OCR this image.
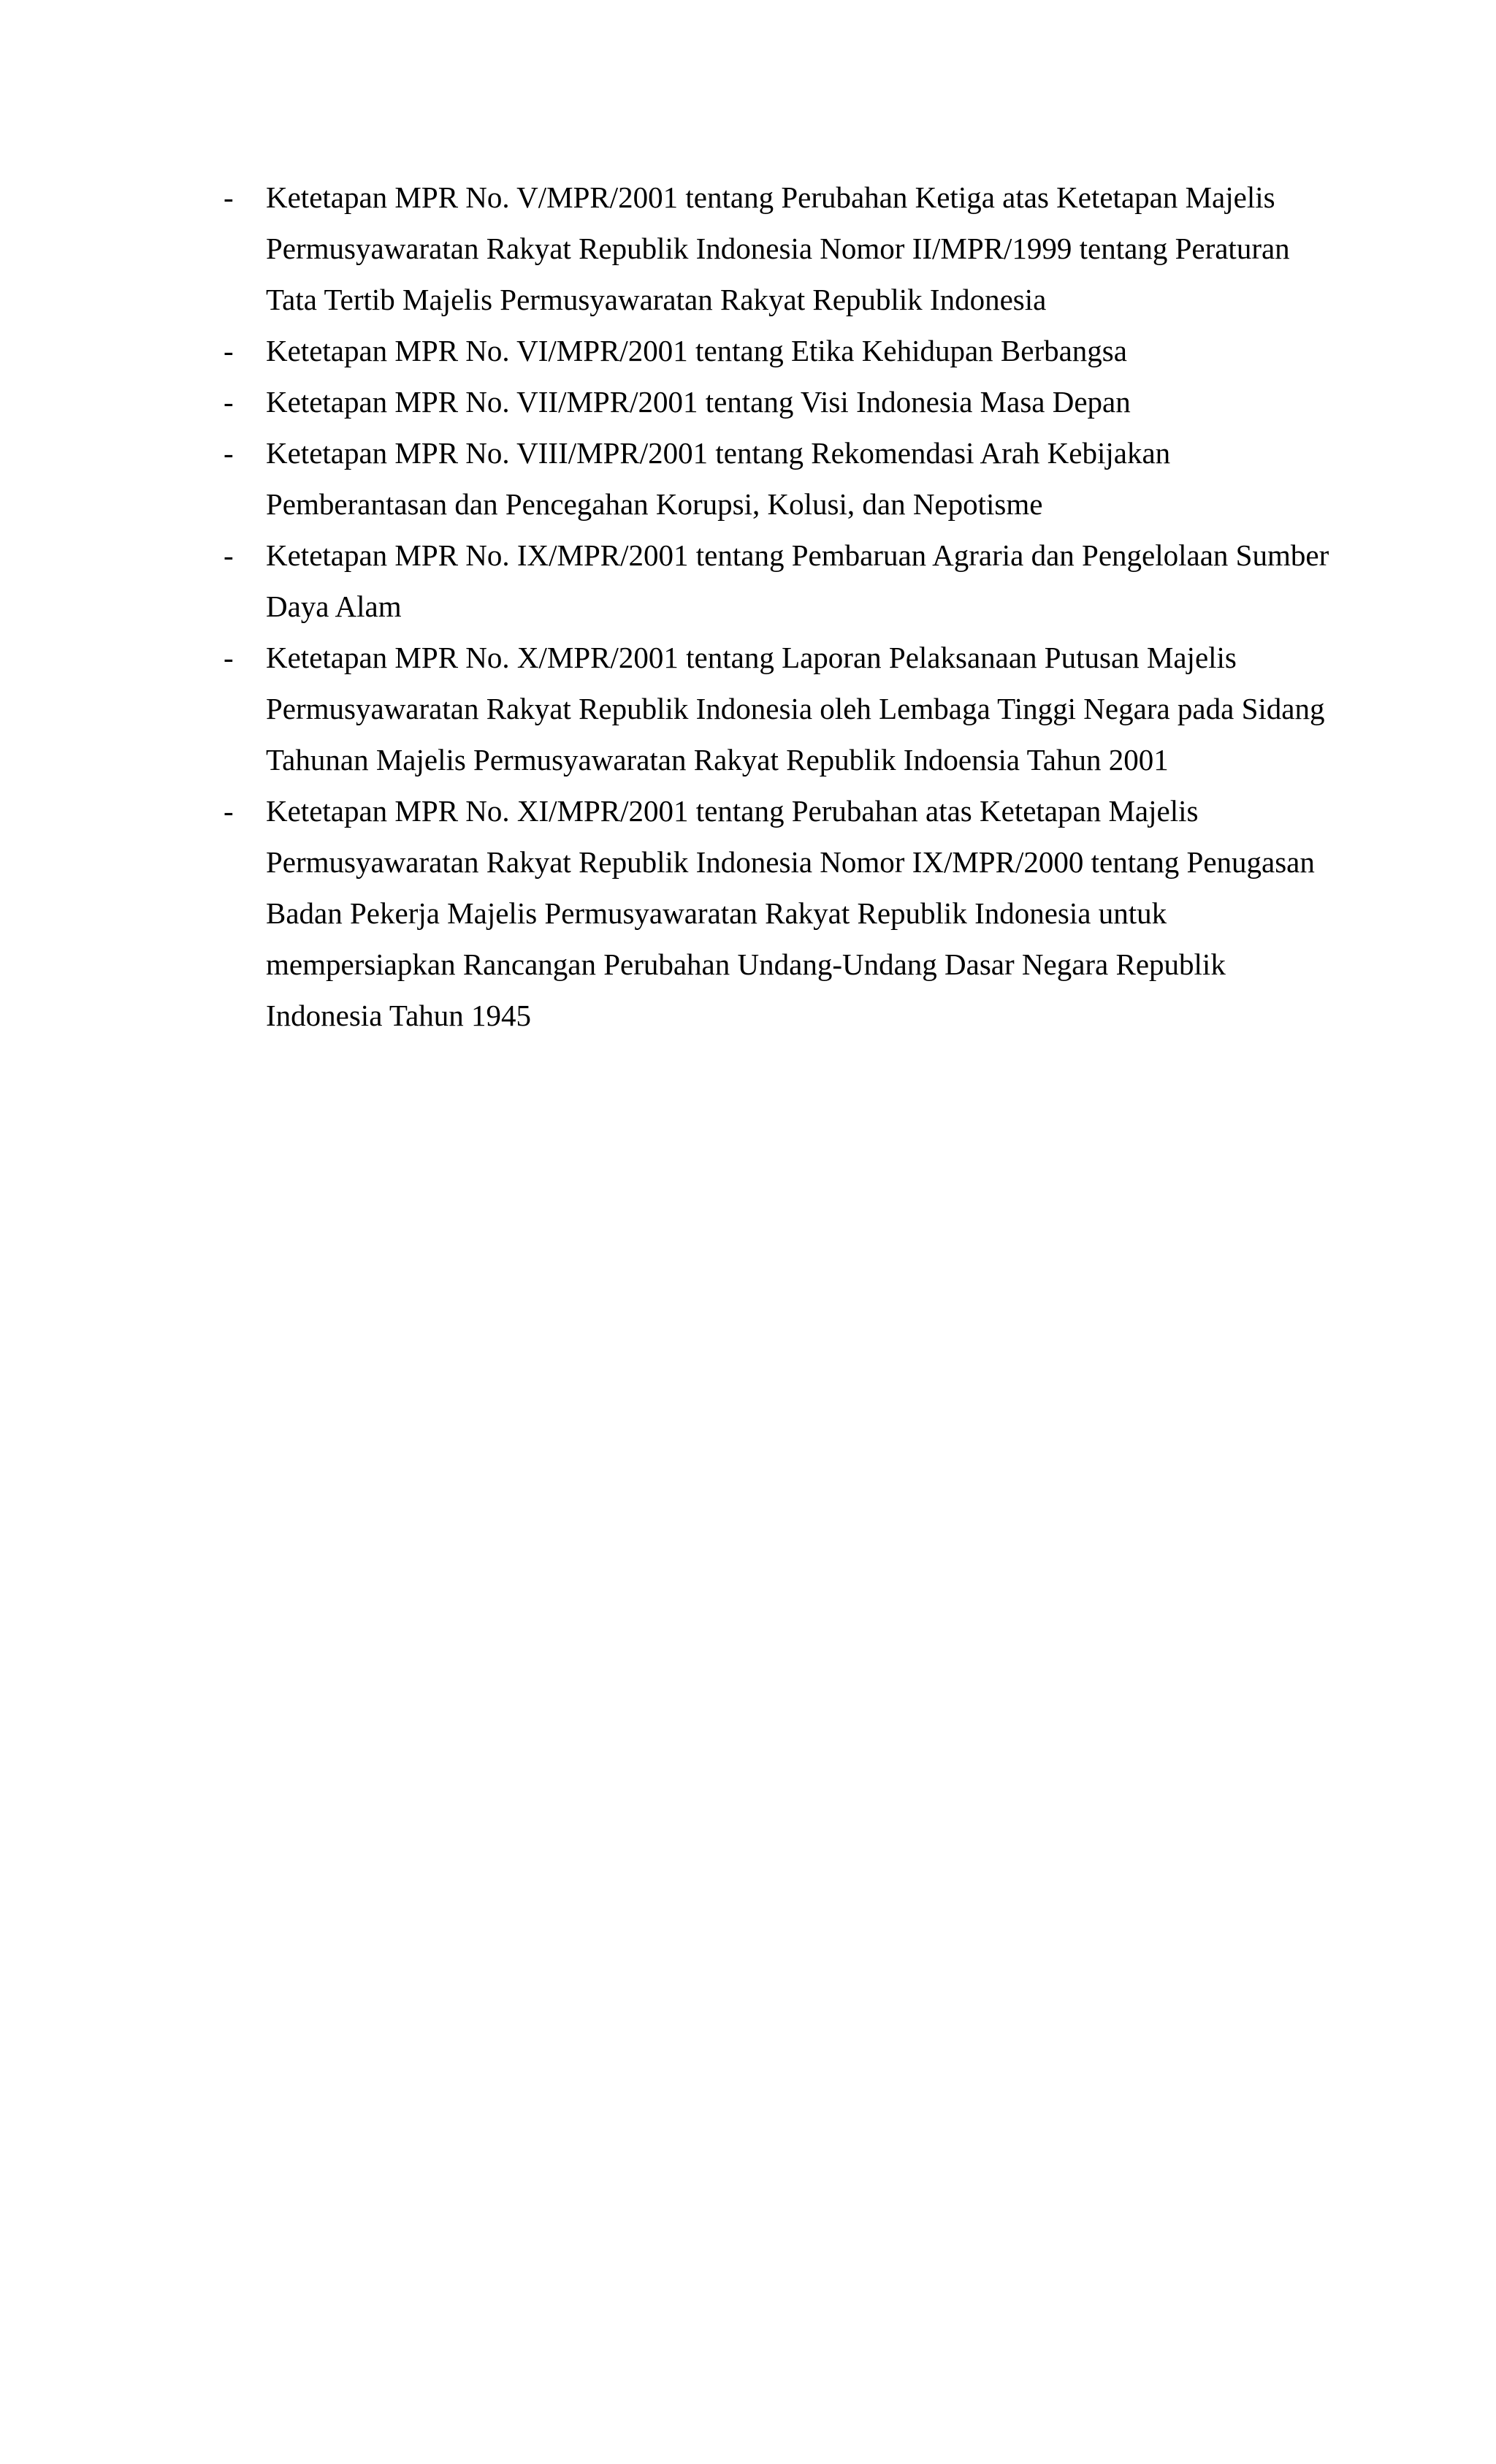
- Ketetapan MPR No. V/MPR/2001 tentang Perubahan Ketiga atas Ketetapan Majelis
Permusyawaratan Rakyat Republik Indonesia Nomor II/MPR/1999 tentang Peraturan
Tata Tertib Majelis Permusyawaratan Rakyat Republik Indonesia
- Ketetapan MPR No. VI/MPR/2001 tentang Etika Kehidupan Berbangsa
- Ketetapan MPR No. VII/MPR/2001 tentang Visi Indonesia Masa Depan
- Ketetapan MPR No. VIII/MPR/2001 tentang Rekomendasi Arah Kebijakan
Pemberantasan dan Pencegahan Korupsi, Kolusi, dan Nepotisme
- Ketetapan MPR No. IX/MPR/2001 tentang Pembaruan Agraria dan Pengelolaan Sumber
Daya Alam
- Ketetapan MPR No. X/MPR/2001 tentang Laporan Pelaksanaan Putusan Majelis
Permusyawaratan Rakyat Republik Indonesia oleh Lembaga Tinggi Negara pada Sidang
Tahunan Majelis Permusyawaratan Rakyat Republik Indoensia Tahun 2001
- Ketetapan MPR No. XI/MPR/2001 tentang Perubahan atas Ketetapan Majelis
Permusyawaratan Rakyat Republik Indonesia Nomor IX/MPR/2000 tentang Penugasan
Badan Pekerja Majelis Permusyawaratan Rakyat Republik Indonesia untuk
mempersiapkan Rancangan Perubahan Undang-Undang Dasar Negara Republik
Indonesia Tahun 1945
